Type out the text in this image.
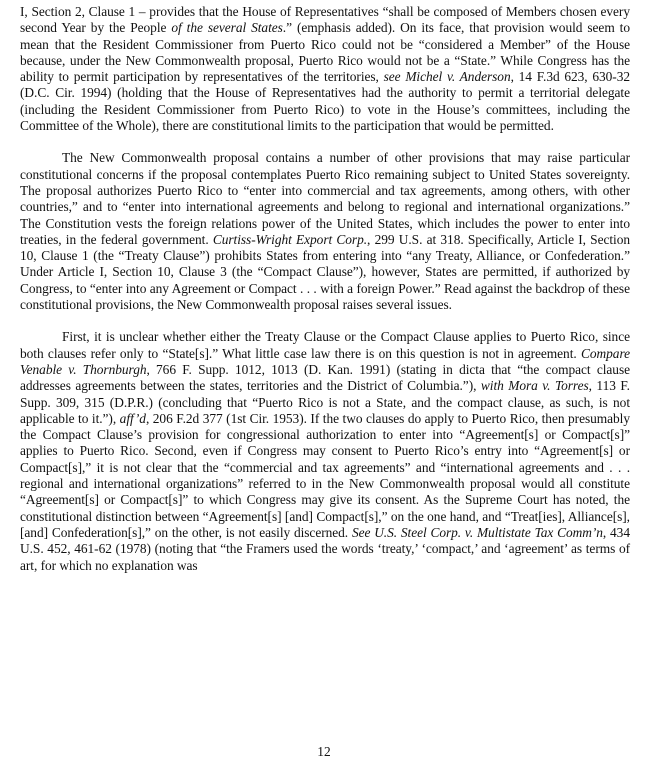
I, Section 2, Clause 1 – provides that the House of Representatives “shall be composed of Members chosen every second Year by the People of the several States.” (emphasis added). On its face, that provision would seem to mean that the Resident Commissioner from Puerto Rico could not be “considered a Member” of the House because, under the New Commonwealth proposal, Puerto Rico would not be a “State.” While Congress has the ability to permit participation by representatives of the territories, see Michel v. Anderson, 14 F.3d 623, 630-32 (D.C. Cir. 1994) (holding that the House of Representatives had the authority to permit a territorial delegate (including the Resident Commissioner from Puerto Rico) to vote in the House’s committees, including the Committee of the Whole), there are constitutional limits to the participation that would be permitted.

The New Commonwealth proposal contains a number of other provisions that may raise particular constitutional concerns if the proposal contemplates Puerto Rico remaining subject to United States sovereignty. The proposal authorizes Puerto Rico to “enter into commercial and tax agreements, among others, with other countries,” and to “enter into international agreements and belong to regional and international organizations.” The Constitution vests the foreign relations power of the United States, which includes the power to enter into treaties, in the federal government. Curtiss-Wright Export Corp., 299 U.S. at 318. Specifically, Article I, Section 10, Clause 1 (the “Treaty Clause”) prohibits States from entering into “any Treaty, Alliance, or Confederation.” Under Article I, Section 10, Clause 3 (the “Compact Clause”), however, States are permitted, if authorized by Congress, to “enter into any Agreement or Compact . . . with a foreign Power.” Read against the backdrop of these constitutional provisions, the New Commonwealth proposal raises several issues.

First, it is unclear whether either the Treaty Clause or the Compact Clause applies to Puerto Rico, since both clauses refer only to “State[s].” What little case law there is on this question is not in agreement. Compare Venable v. Thornburgh, 766 F. Supp. 1012, 1013 (D. Kan. 1991) (stating in dicta that “the compact clause addresses agreements between the states, territories and the District of Columbia.”), with Mora v. Torres, 113 F. Supp. 309, 315 (D.P.R.) (concluding that “Puerto Rico is not a State, and the compact clause, as such, is not applicable to it.”), aff’d, 206 F.2d 377 (1st Cir. 1953). If the two clauses do apply to Puerto Rico, then presumably the Compact Clause’s provision for congressional authorization to enter into “Agreement[s] or Compact[s]” applies to Puerto Rico. Second, even if Congress may consent to Puerto Rico’s entry into “Agreement[s] or Compact[s],” it is not clear that the “commercial and tax agreements” and “international agreements and . . . regional and international organizations” referred to in the New Commonwealth proposal would all constitute “Agreement[s] or Compact[s]” to which Congress may give its consent. As the Supreme Court has noted, the constitutional distinction between “Agreement[s] [and] Compact[s],” on the one hand, and “Treat[ies], Alliance[s], [and] Confederation[s],” on the other, is not easily discerned. See U.S. Steel Corp. v. Multistate Tax Comm’n, 434 U.S. 452, 461-62 (1978) (noting that “the Framers used the words ‘treaty,’ ‘compact,’ and ‘agreement’ as terms of art, for which no explanation was

12
